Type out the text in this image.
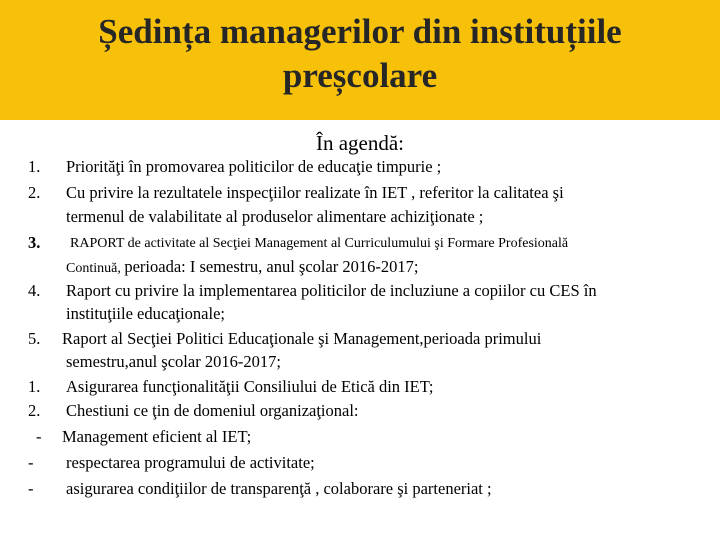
Ședința managerilor din instituțiile
preșcolare
În agendă:
1. Priorităţi în promovarea politicilor de educaţie timpurie ;
2. Cu privire la rezultatele inspecţiilor realizate în IET , referitor la calitatea şi
termenul de valabilitate al produselor alimentare achiziţionate ;
3. RAPORT de activitate al Secţiei Management al Curriculumului şi Formare Profesională
Continuă, perioada: I semestru, anul şcolar 2016-2017;
4. Raport cu privire la implementarea politicilor de incluziune a copiilor cu CES în
instituţiile educaţionale;
5. Raport al Secţiei Politici Educaţionale şi Management,perioada primului
semestru,anul şcolar 2016-2017;
1. Asigurarea funcţionalităţii Consiliului de Etică din IET;
2. Chestiuni ce ţin de domeniul organizaţional:
- Management eficient al IET;
- respectarea programului de activitate;
- asigurarea condiţiilor de transparenţă , colaborare şi parteneriat ;
